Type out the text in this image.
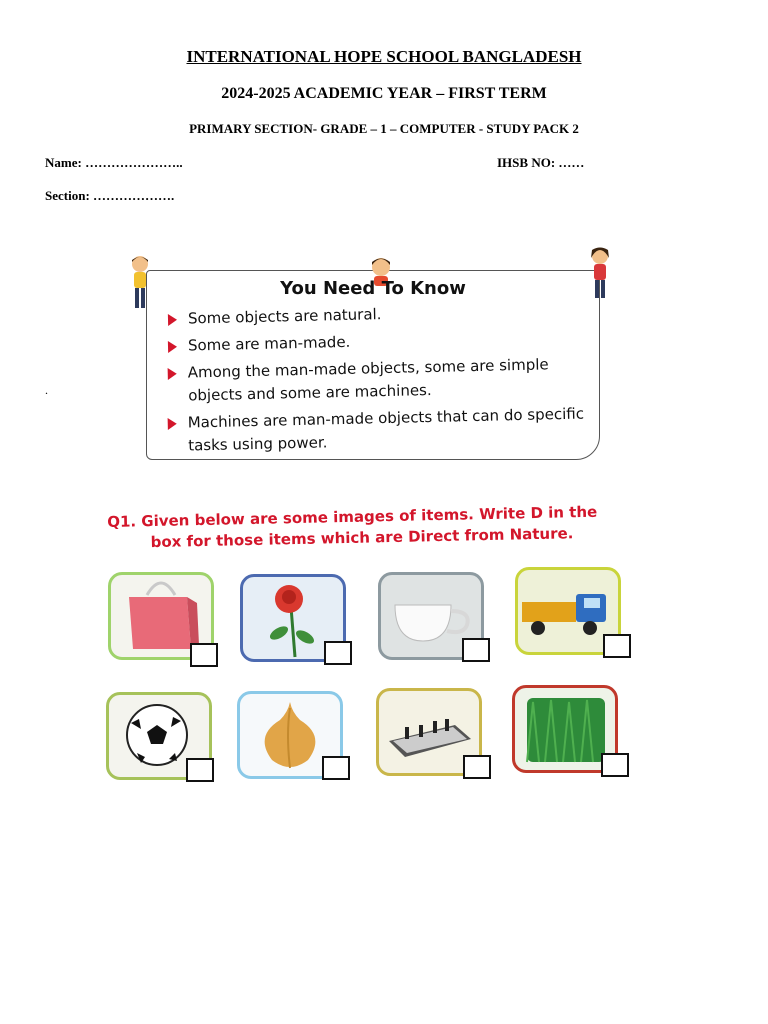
INTERNATIONAL HOPE SCHOOL BANGLADESH
2024-2025 ACADEMIC YEAR – FIRST TERM
PRIMARY SECTION- GRADE – 1 – COMPUTER - STUDY PACK 2
Name: …………………..	IHSB NO: ……
Section: ……………….
.
You Need To Know
Some objects are natural.
Some are man-made.
Among the man-made objects, some are simple objects and some are machines.
Machines are man-made objects that can do specific tasks using power.
Q1. Given below are some images of items. Write D in the
box for those items which are Direct from Nature.
